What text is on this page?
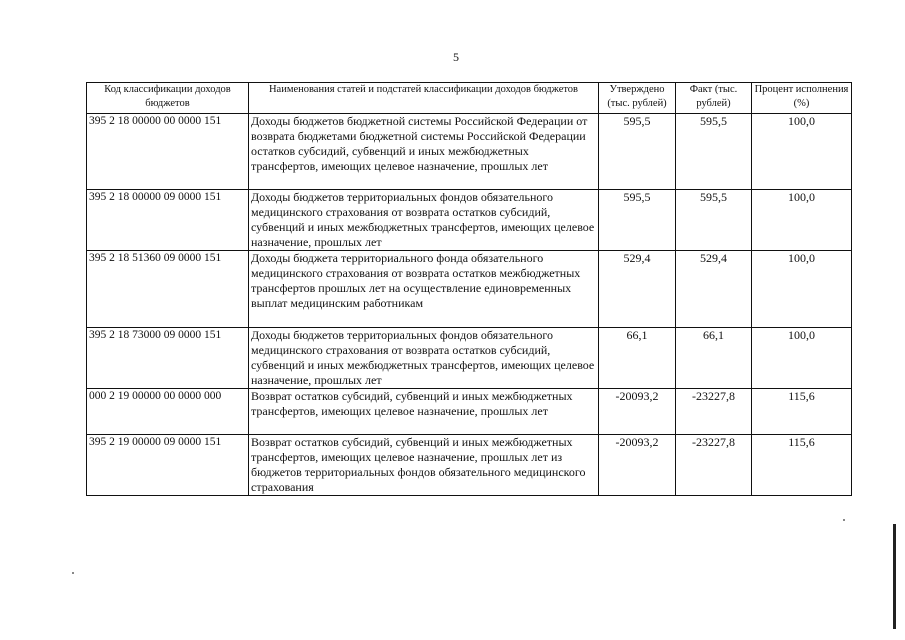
5
Код классификации доходов бюджетов	Наименования статей и подстатей классификации доходов бюджетов	Утверждено (тыс. рублей)	Факт (тыс. рублей)	Процент исполнения (%)
395 2 18 00000 00 0000 151	Доходы бюджетов бюджетной системы Российской Федерации от возврата бюджетами бюджетной системы Российской Федерации остатков субсидий, субвенций и иных межбюджетных трансфертов, имеющих целевое назначение, прошлых лет	595,5	595,5	100,0
395 2 18 00000 09 0000 151	Доходы бюджетов территориальных фондов обязательного медицинского страхования от возврата остатков субсидий, субвенций и иных межбюджетных трансфертов, имеющих целевое назначение, прошлых лет	595,5	595,5	100,0
395 2 18 51360 09 0000 151	Доходы бюджета территориального фонда обязательного медицинского страхования от возврата остатков межбюджетных трансфертов прошлых лет на осуществление единовременных выплат медицинским работникам	529,4	529,4	100,0
395 2 18 73000 09 0000 151	Доходы бюджетов территориальных фондов обязательного медицинского страхования от возврата остатков субсидий, субвенций и иных межбюджетных трансфертов, имеющих целевое назначение, прошлых лет	66,1	66,1	100,0
000 2 19 00000 00 0000 000	Возврат остатков субсидий, субвенций и иных межбюджетных трансфертов, имеющих целевое назначение, прошлых лет	-20093,2	-23227,8	115,6
395 2 19 00000 09 0000 151	Возврат остатков субсидий, субвенций и иных межбюджетных трансфертов, имеющих целевое назначение, прошлых лет из бюджетов территориальных фондов обязательного медицинского страхования	-20093,2	-23227,8	115,6
